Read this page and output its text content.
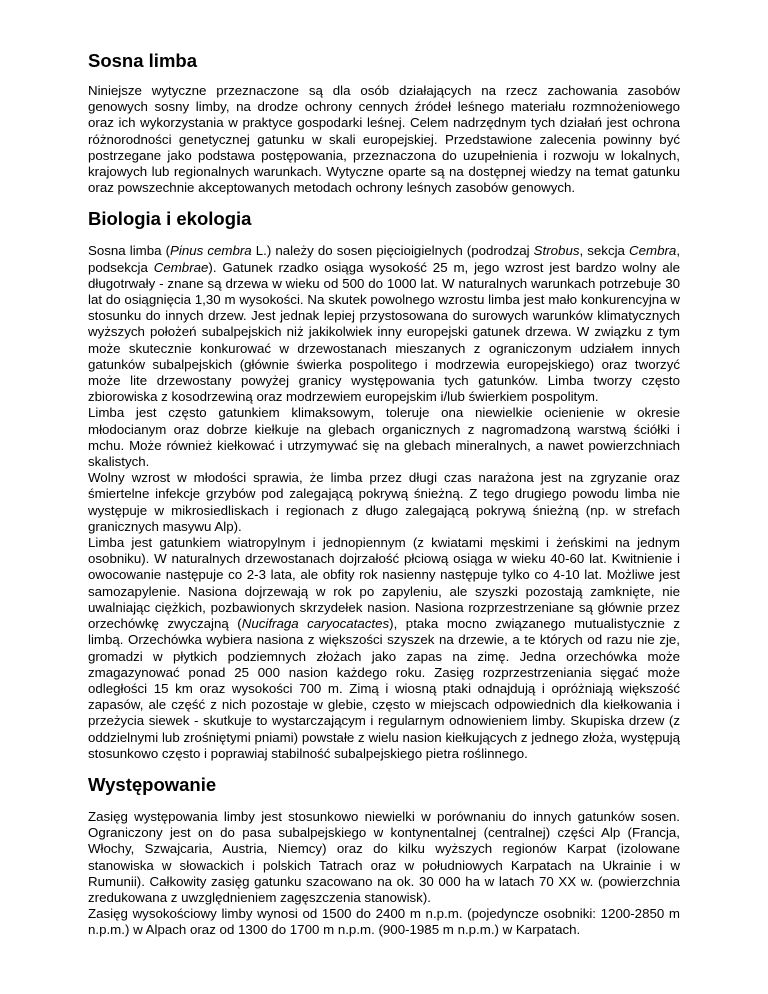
Sosna limba

Niniejsze wytyczne przeznaczone są dla osób działających na rzecz zachowania zasobów genowych sosny limby, na drodze ochrony cennych źródeł leśnego materiału rozmnożeniowego oraz ich wykorzystania w praktyce gospodarki leśnej. Celem nadrzędnym tych działań jest ochrona różnorodności genetycznej gatunku w skali europejskiej. Przedstawione zalecenia powinny być postrzegane jako podstawa postępowania, przeznaczona do uzupełnienia i rozwoju w lokalnych, krajowych lub regionalnych warunkach. Wytyczne oparte są na dostępnej wiedzy na temat gatunku oraz powszechnie akceptowanych metodach ochrony leśnych zasobów genowych.

Biologia i ekologia

Sosna limba (Pinus cembra L.) należy do sosen pięcioigielnych (podrodzaj Strobus, sekcja Cembra, podsekcja Cembrae). Gatunek rzadko osiąga wysokość 25 m, jego wzrost jest bardzo wolny ale długotrwały - znane są drzewa w wieku od 500 do 1000 lat. W naturalnych warunkach potrzebuje 30 lat do osiągnięcia 1,30 m wysokości. Na skutek powolnego wzrostu limba jest mało konkurencyjna w stosunku do innych drzew. Jest jednak lepiej przystosowana do surowych warunków klimatycznych wyższych położeń subalpejskich niż jakikolwiek inny europejski gatunek drzewa. W związku z tym może skutecznie konkurować w drzewostanach mieszanych z ograniczonym udziałem innych gatunków subalpejskich (głównie świerka pospolitego i modrzewia europejskiego) oraz tworzyć może lite drzewostany powyżej granicy występowania tych gatunków. Limba tworzy często zbiorowiska z kosodrzewiną oraz modrzewiem europejskim i/lub świerkiem pospolitym.

Limba jest często gatunkiem klimaksowym, toleruje ona niewielkie ocienienie w okresie młodocianym oraz dobrze kiełkuje na glebach organicznych z nagromadzoną warstwą ściółki i mchu. Może również kiełkować i utrzymywać się na glebach mineralnych, a nawet powierzchniach skalistych.

Wolny wzrost w młodości sprawia, że limba przez długi czas narażona jest na zgryzanie oraz śmiertelne infekcje grzybów pod zalegającą pokrywą śnieżną. Z tego drugiego powodu limba nie występuje w mikrosiedliskach i regionach z długo zalegającą pokrywą śnieżną (np. w strefach granicznych masywu Alp).

Limba jest gatunkiem wiatropylnym i jednopiennym (z kwiatami męskimi i żeńskimi na jednym osobniku). W naturalnych drzewostanach dojrzałość płciową osiąga w wieku 40-60 lat. Kwitnienie i owocowanie następuje co 2-3 lata, ale obfity rok nasienny następuje tylko co 4-10 lat. Możliwe jest samozapylenie. Nasiona dojrzewają w rok po zapyleniu, ale szyszki pozostają zamknięte, nie uwalniając ciężkich, pozbawionych skrzydełek nasion. Nasiona rozprzestrzeniane są głównie przez orzechówkę zwyczajną (Nucifraga caryocatactes), ptaka mocno związanego mutualistycznie z limbą. Orzechówka wybiera nasiona z większości szyszek na drzewie, a te których od razu nie zje, gromadzi w płytkich podziemnych złożach jako zapas na zimę. Jedna orzechówka może zmagazynować ponad 25 000 nasion każdego roku. Zasięg rozprzestrzeniania sięgać może odległości 15 km oraz wysokości 700 m. Zimą i wiosną ptaki odnajdują i opróżniają większość zapasów, ale część z nich pozostaje w glebie, często w miejscach odpowiednich dla kiełkowania i przeżycia siewek - skutkuje to wystarczającym i regularnym odnowieniem limby. Skupiska drzew (z oddzielnymi lub zrośniętymi pniami) powstałe z wielu nasion kiełkujących z jednego złoża, występują stosunkowo często i poprawiaj stabilność subalpejskiego pietra roślinnego.

Występowanie

Zasięg występowania limby jest stosunkowo niewielki w porównaniu do innych gatunków sosen. Ograniczony jest on do pasa subalpejskiego w kontynentalnej (centralnej) części Alp (Francja, Włochy, Szwajcaria, Austria, Niemcy) oraz do kilku wyższych regionów Karpat (izolowane stanowiska w słowackich i polskich Tatrach oraz w południowych Karpatach na Ukrainie i w Rumunii). Całkowity zasięg gatunku szacowano na ok. 30 000 ha w latach 70 XX w. (powierzchnia zredukowana z uwzględnieniem zagęszczenia stanowisk).

Zasięg wysokościowy limby wynosi od 1500 do 2400 m n.p.m. (pojedyncze osobniki: 1200-2850 m n.p.m.) w Alpach oraz od 1300 do 1700 m n.p.m. (900-1985 m n.p.m.) w Karpatach.
